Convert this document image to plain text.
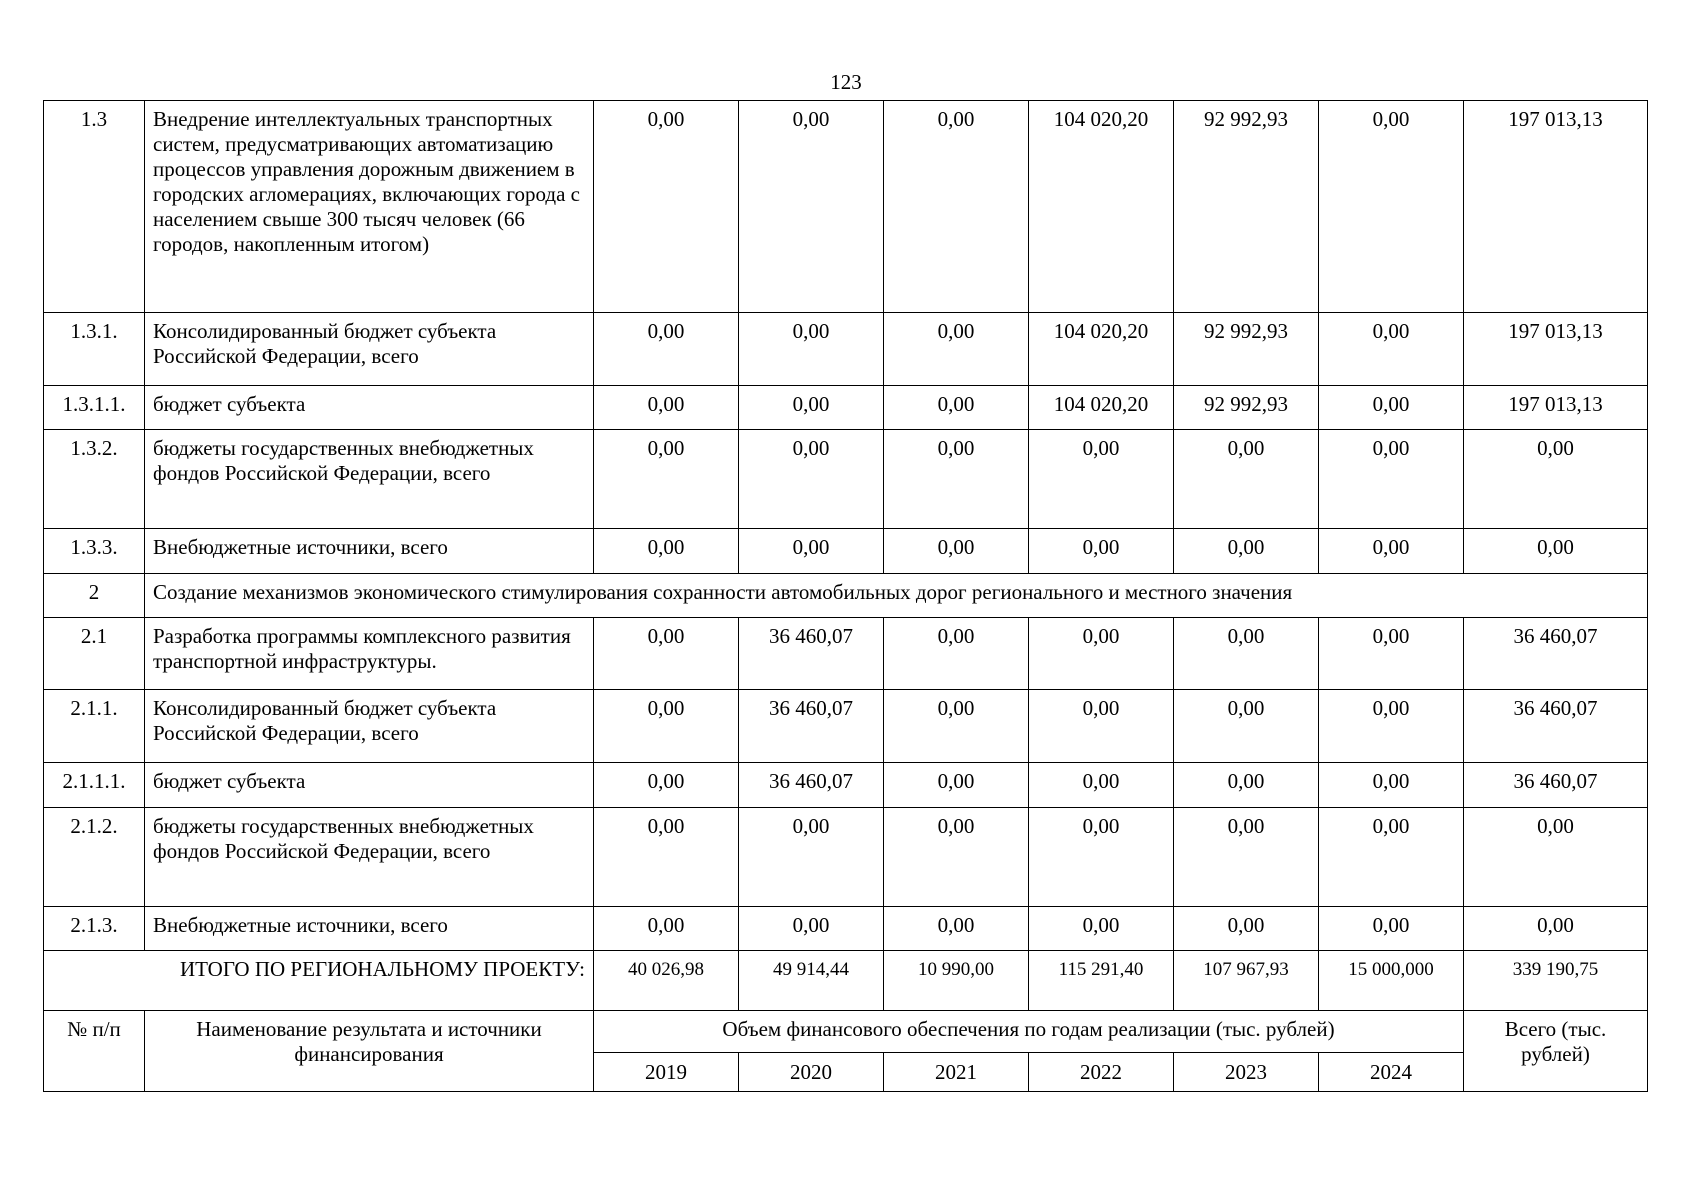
123
1.3	Внедрение интеллектуальных транспортных систем, предусматривающих автоматизацию процессов управления дорожным движением в городских агломерациях, включающих города с населением свыше 300 тысяч человек (66 городов, накопленным итогом)	0,00	0,00	0,00	104 020,20	92 992,93	0,00	197 013,13
1.3.1.	Консолидированный бюджет субъекта Российской Федерации, всего	0,00	0,00	0,00	104 020,20	92 992,93	0,00	197 013,13
1.3.1.1.	бюджет субъекта	0,00	0,00	0,00	104 020,20	92 992,93	0,00	197 013,13
1.3.2.	бюджеты государственных внебюджетных фондов Российской Федерации, всего	0,00	0,00	0,00	0,00	0,00	0,00	0,00
1.3.3.	Внебюджетные источники, всего	0,00	0,00	0,00	0,00	0,00	0,00	0,00
2	Создание механизмов экономического стимулирования сохранности автомобильных дорог регионального и местного значения							
2.1	Разработка программы комплексного развития транспортной инфраструктуры.	0,00	36 460,07	0,00	0,00	0,00	0,00	36 460,07
2.1.1.	Консолидированный бюджет субъекта Российской Федерации, всего	0,00	36 460,07	0,00	0,00	0,00	0,00	36 460,07
2.1.1.1.	бюджет субъекта	0,00	36 460,07	0,00	0,00	0,00	0,00	36 460,07
2.1.2.	бюджеты государственных внебюджетных фондов Российской Федерации, всего	0,00	0,00	0,00	0,00	0,00	0,00	0,00
2.1.3.	Внебюджетные источники, всего	0,00	0,00	0,00	0,00	0,00	0,00	0,00
ИТОГО ПО РЕГИОНАЛЬНОМУ ПРОЕКТУ:		40 026,98	49 914,44	10 990,00	115 291,40	107 967,93	15 000,000	339 190,75
№ п/п	Наименование результата и источники финансирования	Объем финансового обеспечения по годам реализации (тыс. рублей)						Всего (тыс. рублей)
		2019	2020	2021	2022	2023	2024	
